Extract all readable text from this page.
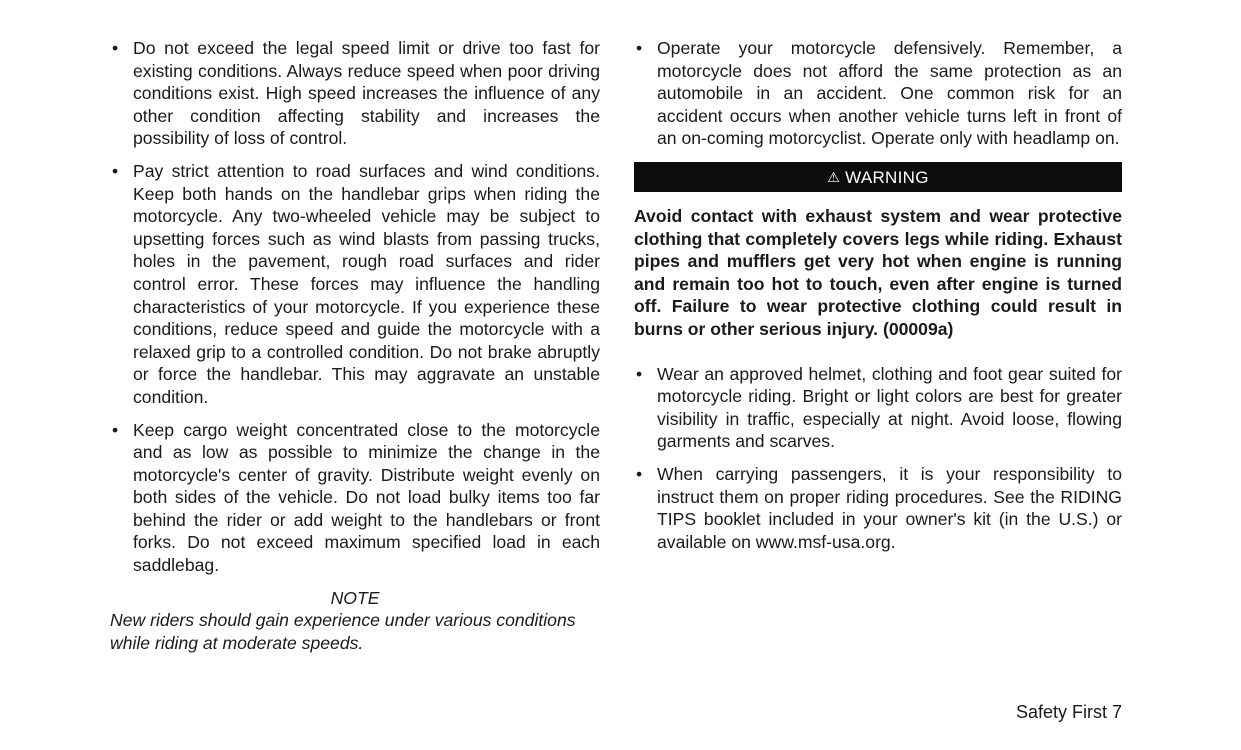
• Do not exceed the legal speed limit or drive too fast for existing conditions. Always reduce speed when poor driving conditions exist. High speed increases the influence of any other condition affecting stability and increases the possibility of loss of control.
• Pay strict attention to road surfaces and wind conditions. Keep both hands on the handlebar grips when riding the motorcycle. Any two-wheeled vehicle may be subject to upsetting forces such as wind blasts from passing trucks, holes in the pavement, rough road surfaces and rider control error. These forces may influence the handling characteristics of your motorcycle. If you experience these conditions, reduce speed and guide the motorcycle with a relaxed grip to a controlled condition. Do not brake abruptly or force the handlebar. This may aggravate an unstable condition.
• Keep cargo weight concentrated close to the motorcycle and as low as possible to minimize the change in the motorcycle's center of gravity. Distribute weight evenly on both sides of the vehicle. Do not load bulky items too far behind the rider or add weight to the handlebars or front forks. Do not exceed maximum specified load in each saddlebag.
NOTE

New riders should gain experience under various conditions while riding at moderate speeds.

• Operate your motorcycle defensively. Remember, a motorcycle does not afford the same protection as an automobile in an accident. One common risk for an accident occurs when another vehicle turns left in front of an on-coming motorcyclist. Operate only with headlamp on.
⚠ WARNING

Avoid contact with exhaust system and wear protective clothing that completely covers legs while riding. Exhaust pipes and mufflers get very hot when engine is running and remain too hot to touch, even after engine is turned off. Failure to wear protective clothing could result in burns or other serious injury. (00009a)

• Wear an approved helmet, clothing and foot gear suited for motorcycle riding. Bright or light colors are best for greater visibility in traffic, especially at night. Avoid loose, flowing garments and scarves.
• When carrying passengers, it is your responsibility to instruct them on proper riding procedures. See the RIDING TIPS booklet included in your owner's kit (in the U.S.) or available on www.msf-usa.org.
Safety First 7
